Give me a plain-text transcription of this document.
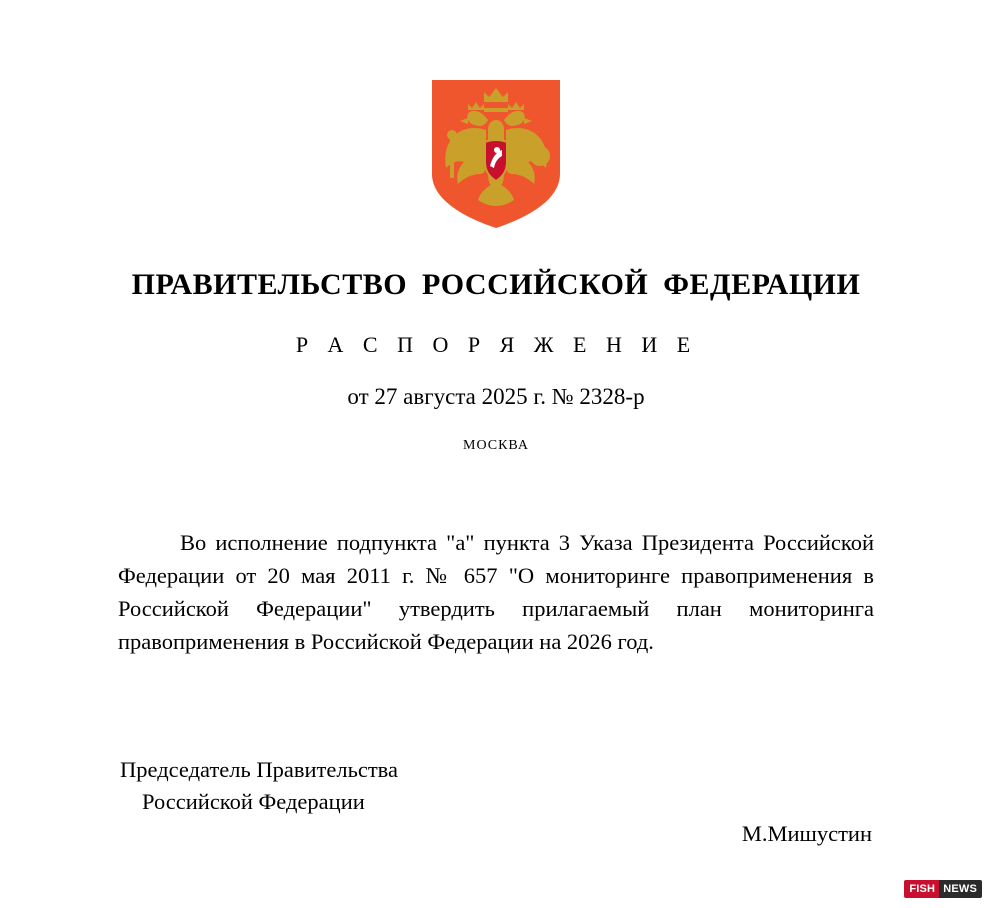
ПРАВИТЕЛЬСТВО РОССИЙСКОЙ ФЕДЕРАЦИИ
Р А С П О Р Я Ж Е Н И Е
от 27 августа 2025 г. № 2328-р
МОСКВА
Во исполнение подпункта "а" пункта 3 Указа Президента Российской Федерации от 20 мая 2011 г. № 657 "О мониторинге правоприменения в Российской Федерации" утвердить прилагаемый план мониторинга правоприменения в Российской Федерации на 2026 год.

Председатель Правительства

Российской Федерации

М.Мишустин
FISH NEWS
